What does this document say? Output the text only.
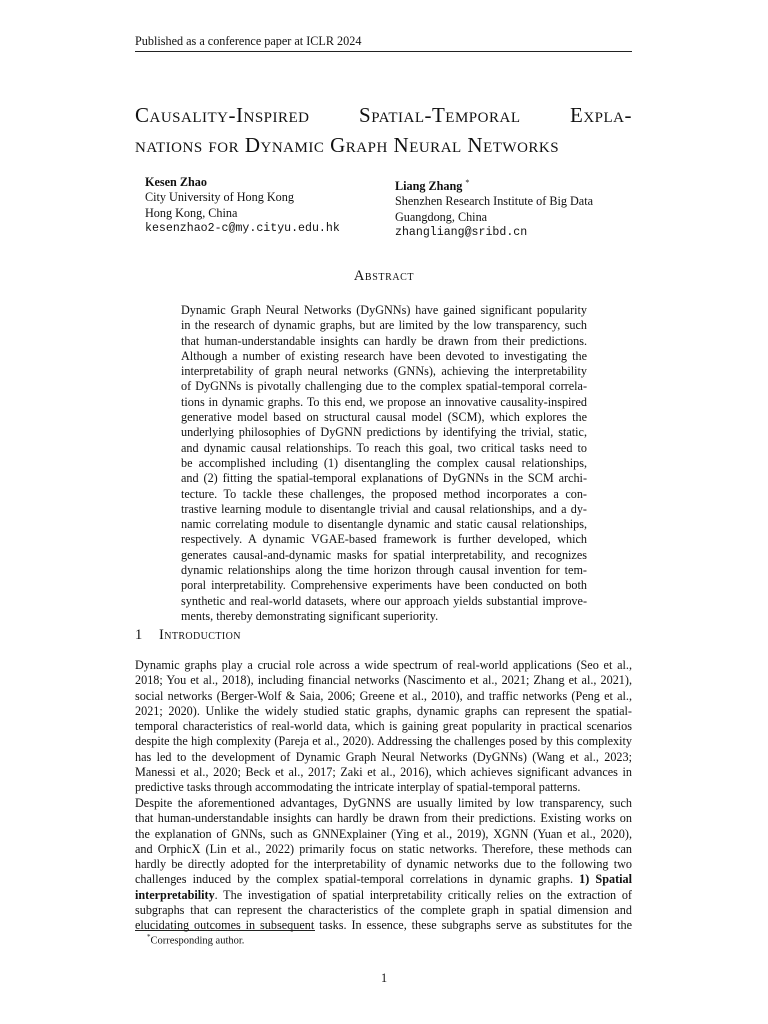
Published as a conference paper at ICLR 2024
Causality-Inspired Spatial-Temporal Expla-
nations for Dynamic Graph Neural Networks
Kesen Zhao
City University of Hong Kong
Hong Kong, China
kesenzhao2-c@my.cityu.edu.hk
Liang Zhang *
Shenzhen Research Institute of Big Data
Guangdong, China
zhangliang@sribd.cn
Abstract
Dynamic Graph Neural Networks (DyGNNs) have gained significant popularity
in the research of dynamic graphs, but are limited by the low transparency, such
that human-understandable insights can hardly be drawn from their predictions.
Although a number of existing research have been devoted to investigating the
interpretability of graph neural networks (GNNs), achieving the interpretability
of DyGNNs is pivotally challenging due to the complex spatial-temporal correla-
tions in dynamic graphs. To this end, we propose an innovative causality-inspired
generative model based on structural causal model (SCM), which explores the
underlying philosophies of DyGNN predictions by identifying the trivial, static,
and dynamic causal relationships. To reach this goal, two critical tasks need to
be accomplished including (1) disentangling the complex causal relationships,
and (2) fitting the spatial-temporal explanations of DyGNNs in the SCM archi-
tecture. To tackle these challenges, the proposed method incorporates a con-
trastive learning module to disentangle trivial and causal relationships, and a dy-
namic correlating module to disentangle dynamic and static causal relationships,
respectively. A dynamic VGAE-based framework is further developed, which
generates causal-and-dynamic masks for spatial interpretability, and recognizes
dynamic relationships along the time horizon through causal invention for tem-
poral interpretability. Comprehensive experiments have been conducted on both
synthetic and real-world datasets, where our approach yields substantial improve-
ments, thereby demonstrating significant superiority.
1 Introduction
Dynamic graphs play a crucial role across a wide spectrum of real-world applications (Seo et al.,
2018; You et al., 2018), including financial networks (Nascimento et al., 2021; Zhang et al., 2021),
social networks (Berger-Wolf & Saia, 2006; Greene et al., 2010), and traffic networks (Peng et al.,
2021; 2020). Unlike the widely studied static graphs, dynamic graphs can represent the spatial-
temporal characteristics of real-world data, which is gaining great popularity in practical scenarios
despite the high complexity (Pareja et al., 2020). Addressing the challenges posed by this complexity
has led to the development of Dynamic Graph Neural Networks (DyGNNs) (Wang et al., 2023;
Manessi et al., 2020; Beck et al., 2017; Zaki et al., 2016), which achieves significant advances in
predictive tasks through accommodating the intricate interplay of spatial-temporal patterns.
Despite the aforementioned advantages, DyGNNS are usually limited by low transparency, such
that human-understandable insights can hardly be drawn from their predictions. Existing works on
the explanation of GNNs, such as GNNExplainer (Ying et al., 2019), XGNN (Yuan et al., 2020),
and OrphicX (Lin et al., 2022) primarily focus on static networks. Therefore, these methods can
hardly be directly adopted for the interpretability of dynamic networks due to the following two
challenges induced by the complex spatial-temporal correlations in dynamic graphs. 1) Spatial
interpretability. The investigation of spatial interpretability critically relies on the extraction of
subgraphs that can represent the characteristics of the complete graph in spatial dimension and
elucidating outcomes in subsequent tasks. In essence, these subgraphs serve as substitutes for the
*Corresponding author.
1
